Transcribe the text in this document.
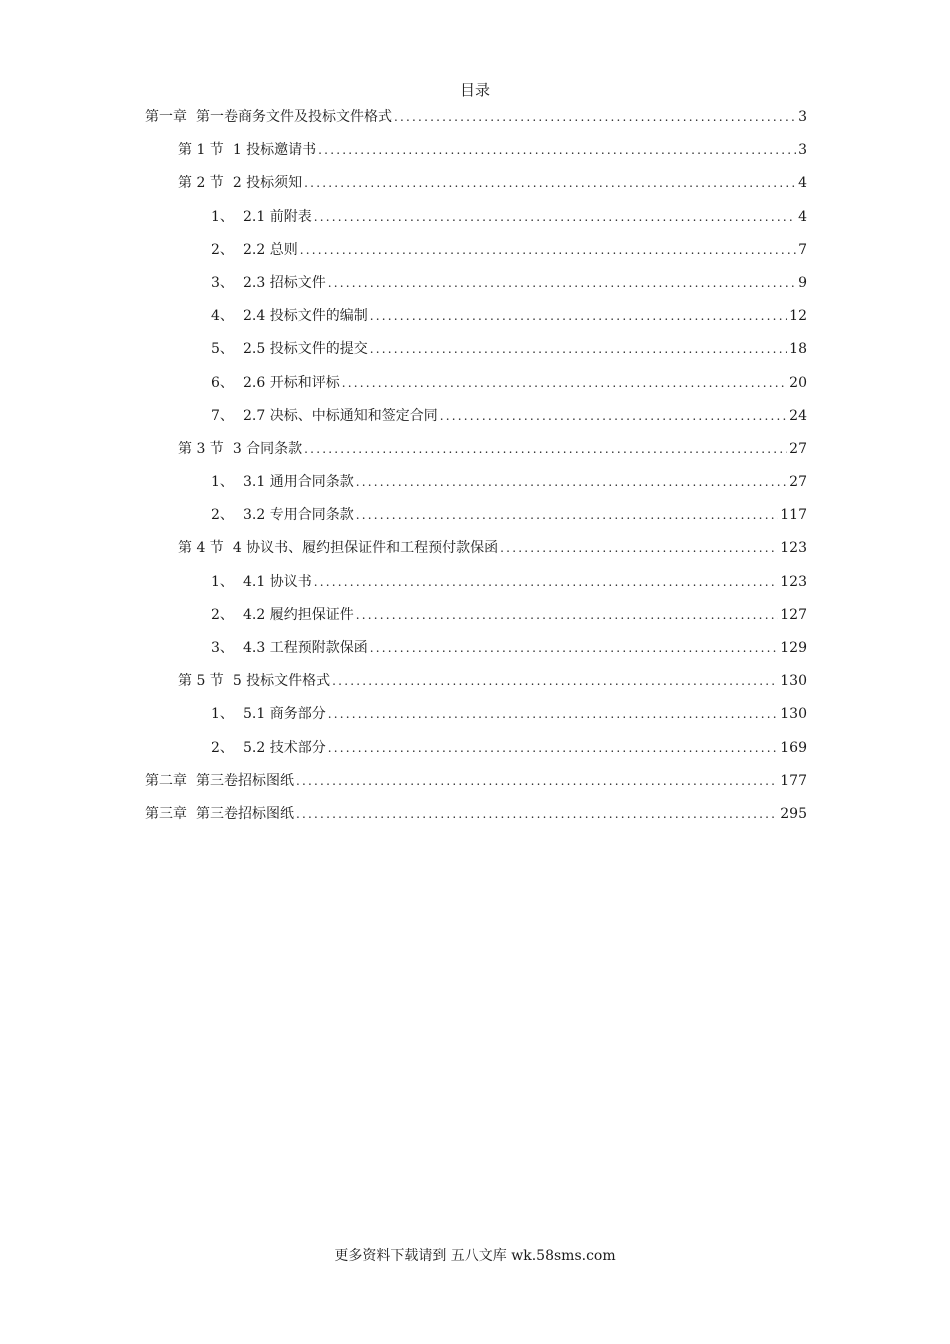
目录
第一章 第一卷商务文件及投标文件格式 .....	3
第 1 节 1 投标邀请书 .....	3
第 2 节 2 投标须知 .....	4
1、 2.1 前附表 .....	4
2、 2.2 总则 .....	7
3、 2.3 招标文件 .....	9
4、 2.4 投标文件的编制 .....	12
5、 2.5 投标文件的提交 .....	18
6、 2.6 开标和评标 .....	20
7、 2.7 决标、中标通知和签定合同 .....	24
第 3 节 3 合同条款 .....	27
1、 3.1 通用合同条款 .....	27
2、 3.2 专用合同条款 .....	117
第 4 节 4 协议书、履约担保证件和工程预付款保函 .....	123
1、 4.1 协议书 .....	123
2、 4.2 履约担保证件 .....	127
3、 4.3 工程预附款保函 .....	129
第 5 节 5 投标文件格式 .....	130
1、 5.1 商务部分 .....	130
2、 5.2 技术部分 .....	169
第二章 第三卷招标图纸 .....	177
第三章 第三卷招标图纸 .....	295
更多资料下载请到 五八文库 wk.58sms.com
